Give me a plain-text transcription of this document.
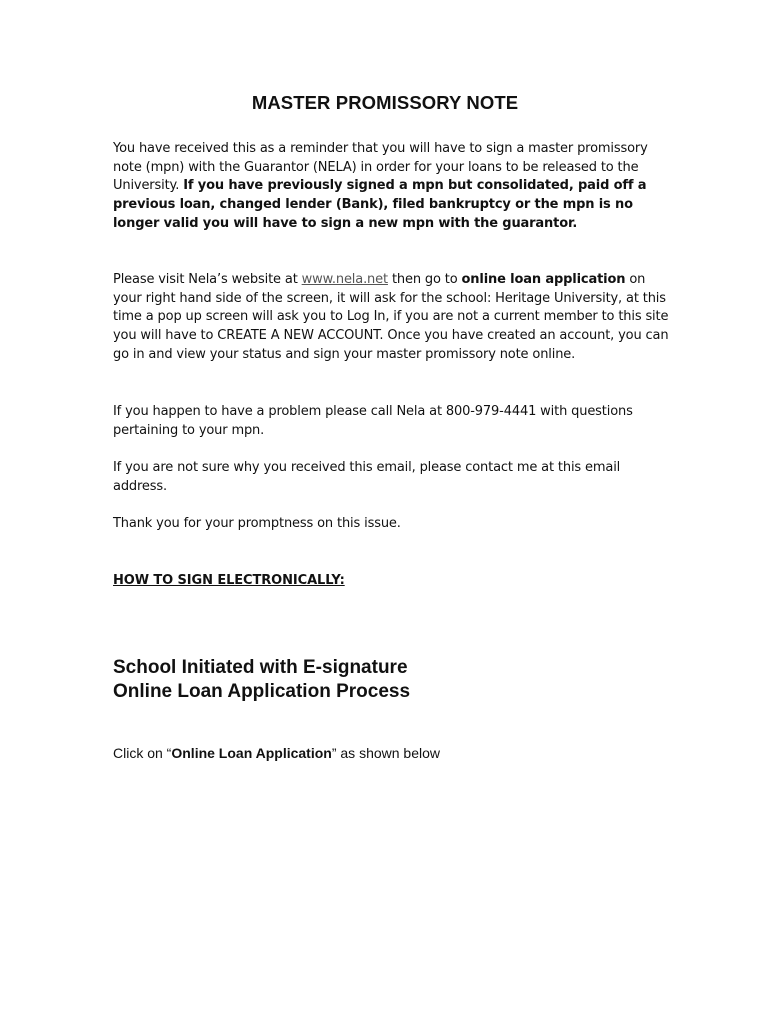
MASTER PROMISSORY NOTE
You have received this as a reminder that you will have to sign a master promissory note (mpn) with the Guarantor (NELA) in order for your loans to be released to the University. If you have previously signed a mpn but consolidated, paid off a previous loan, changed lender (Bank), filed bankruptcy or the mpn is no longer valid you will have to sign a new mpn with the guarantor.
Please visit Nela’s website at www.nela.net then go to online loan application on your right hand side of the screen, it will ask for the school: Heritage University, at this time a pop up screen will ask you to Log In, if you are not a current member to this site you will have to CREATE A NEW ACCOUNT. Once you have created an account, you can go in and view your status and sign your master promissory note online.
If you happen to have a problem please call Nela at 800-979-4441 with questions pertaining to your mpn.
If you are not sure why you received this email, please contact me at this email address.
Thank you for your promptness on this issue.
HOW TO SIGN ELECTRONICALLY:
School Initiated with E-signature
Online Loan Application Process
Click on “Online Loan Application” as shown below
